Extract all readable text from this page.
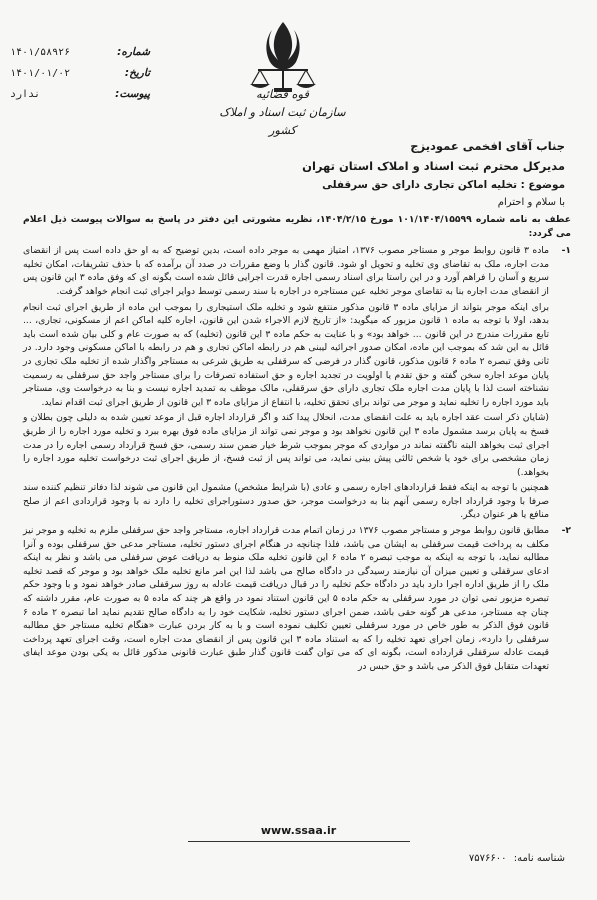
شماره:
۱۴۰۱/۵۸۹۲۶
تاریخ:
۱۴۰۱/۰۱/۰۲
پیوست:
ندارد	قوه قضائیه
سازمان ثبت اسناد و املاک کشور
جناب آقای افخمی عمودیزج
مدیرکل محترم ثبت اسناد و املاک استان تهران
موضوع : تخلیه اماکن تجاری دارای حق سرقفلی
با سلام و احترام
عطف به نامه شماره ۱۰۱/۱۴۰۴/۱۵۵۹۹ مورخ ۱۴۰۴/۲/۱۵، نظریه مشورتی این دفتر در پاسخ به سوالات پیوست ذیل اعلام می گردد:
۱-
ماده ۳ قانون روابط موجر و مستاجر مصوب ۱۳۷۶، امتیاز مهمی به موجر داده است، بدین توضیح که به او حق داده است پس از انقضای مدت اجاره، ملک به تقاضای وی تخلیه و تحویل او شود. قانون گذار با وضع مقررات در صدد آن برآمده که با حذف تشریفات، امکان تخلیه سریع و آسان را فراهم آورد و در این راستا برای اسناد رسمی اجاره قدرت اجرایی قائل شده است بگونه ای که وفق ماده ۳ این قانون پس از انقضای مدت اجاره بنا به تقاضای موجر تخلیه عین مستاجره در اجاره با سند رسمی توسط دوایر اجرای ثبت انجام خواهد گرفت.
برای اینکه موجر بتواند از مزایای ماده ۳ قانون مذکور منتفع شود و تخلیه ملک استیجاری را بموجب این ماده از طریق اجرای ثبت انجام بدهد، اولا با توجه به ماده ۱ قانون مزبور که میگوید: «از تاریخ لازم الاجراء شدن این قانون، اجاره کلیه اماکن اعم از مسکونی، تجاری، ... تابع مقررات مندرج در این قانون ... خواهد بود» و با عنایت به حکم ماده ۳ این قانون (تخلیه) که به صورت عام و کلی بیان شده است باید قائل به این شد که بموجب این ماده، امکان صدور اجرائیه لیبنی هم در رابطه اماکن تجاری و هم در رابطه با اماکن مسکونی وجود دارد. در ثانی وفق تبصره ۲ ماده ۶ قانون مذکور، قانون گذار در فرضی که سرقفلی به طریق شرعی به مستاجر واگذار شده از تخلیه ملک تجاری در پایان موعد اجاره سخن گفته و حق تقدم یا اولویت در تجدید اجاره و حق استفاده تصرفات را برای مستاجر واجد حق سرقفلی به رسمیت نشناخته است لذا با پایان مدت اجاره ملک تجاری دارای حق سرقفلی، مالک موظف به تمدید اجاره نیست و بنا به درخواست وی، مستاجر باید مورد اجاره را تخلیه نماید و موجر می تواند برای تحقق تخلیه، با انتفاع از مزایای ماده ۳ این قانون از طریق اجرای ثبت اقدام نماید.
(شایان ذکر است عقد اجاره باید به علت انقضای مدت، انحلال پیدا کند و اگر قرارداد اجاره قبل از موعد تعیین شده به دلیلی چون بطلان و فسخ به پایان برسد مشمول ماده ۳ این قانون نخواهد بود و موجر نمی تواند از مزایای ماده فوق بهره ببرد و تخلیه مورد اجاره را از طریق اجرای ثبت بخواهد البته ناگفته نماند در مواردی که موجر بموجب شرط خیار ضمن سند رسمی، حق فسخ قرارداد رسمی اجاره را در مدت زمان مشخصی برای خود یا شخص ثالثی پیش بینی نماید، می تواند پس از ثبت فسخ، از طریق اجرای ثبت درخواست تخلیه مورد اجاره را بخواهد.)
همچنین با توجه به اینکه فقط قراردادهای اجاره رسمی و عادی (با شرایط مشخص) مشمول این قانون می شوند لذا دفاتر تنظیم کننده سند صرفا با وجود قرارداد اجاره رسمی آنهم بنا به درخواست موجر، حق صدور دستوراجرای تخلیه را دارد نه با وجود قراردادی اعم از صلح منافع یا هر عنوان دیگر.
۲-
مطابق قانون روابط موجر و مستاجر مصوب ۱۳۷۶ در زمان اتمام مدت قرارداد اجاره، مستاجر واجد حق سرقفلی ملزم به تخلیه و موجر نیز مکلف به پرداخت قیمت سرقفلی به ایشان می باشد، فلذا چنانچه در هنگام اجرای دستور تخلیه، مستاجر مدعی حق سرقفلی بوده و آنرا مطالبه نماید، با توجه به اینکه به موجب تبصره ۲ ماده ۶ این قانون تخلیه ملک منوط به دریافت عوض سرقفلی می باشد و نظر به اینکه ادعای سرقفلی و تعیین میزان آن نیازمند رسیدگی در دادگاه صالح می باشد لذا این امر مانع تخلیه ملک خواهد بود و موجر که قصد تخلیه ملک را از طریق اداره اجرا دارد باید در دادگاه حکم تخلیه را در قبال دریافت قیمت عادله به روز سرقفلی صادر خواهد نمود و با وجود حکم تبصره مزبور نمی توان در مورد سرقفلی به حکم ماده ۵ این قانون استناد نمود در واقع هر چند که ماده ۵ به صورت عام، مقرر داشته که چنان چه مستاجر، مدعی هر گونه حقی باشد، ضمن اجرای دستور تخلیه، شکایت خود را به دادگاه صالح تقدیم نماید اما تبصره ۲ ماده ۶ قانون فوق الذکر به طور خاص در مورد سرقفلی تعیین تکلیف نموده است و با به کار بردن عبارت «هنگام تخلیه مستاجر حق مطالبه سرقفلی را دارد»، زمان اجرای تعهد تخلیه را که به استناد ماده ۳ این قانون پس از انقضای مدت اجاره است، وقت اجرای تعهد پرداخت قیمت عادله سرقفلی قرارداده است، بگونه ای که می توان گفت قانون گذار طبق عبارت قانونی مذکور قائل به یکی بودن موعد ایفای تعهدات متقابل فوق الذکر می باشد و حق حبس در
www.ssaa.ir
شناسه نامه: ۷۵۷۶۶۰۰
